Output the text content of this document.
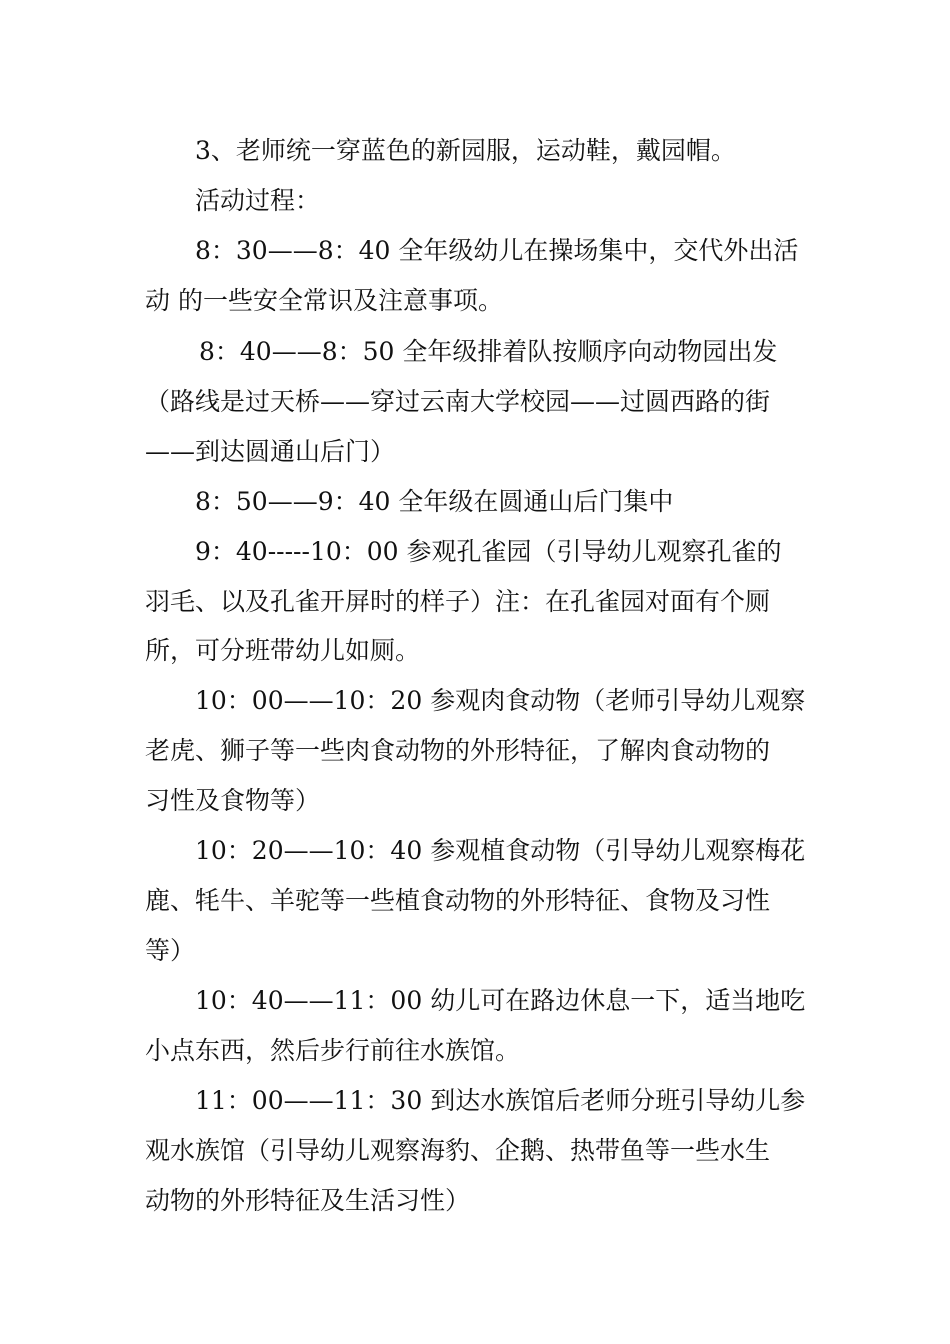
3、老师统一穿蓝色的新园服，运动鞋，戴园帽。
活动过程：
8：30——8：40 全年级幼儿在操场集中，交代外出活
动 的一些安全常识及注意事项。
8：40——8：50 全年级排着队按顺序向动物园出发
（路线是过天桥——穿过云南大学校园——过圆西路的街
——到达圆通山后门）
8：50——9：40 全年级在圆通山后门集中
9：40-----10：00 参观孔雀园（引导幼儿观察孔雀的
羽毛、以及孔雀开屏时的样子）注：在孔雀园对面有个厕
所，可分班带幼儿如厕。
10：00——10：20 参观肉食动物（老师引导幼儿观察
老虎、狮子等一些肉食动物的外形特征，了解肉食动物的
习性及食物等）
10：20——10：40 参观植食动物（引导幼儿观察梅花
鹿、牦牛、羊驼等一些植食动物的外形特征、食物及习性
等）
10：40——11：00 幼儿可在路边休息一下，适当地吃
小点东西，然后步行前往水族馆。
11：00——11：30 到达水族馆后老师分班引导幼儿参
观水族馆（引导幼儿观察海豹、企鹅、热带鱼等一些水生
动物的外形特征及生活习性）
